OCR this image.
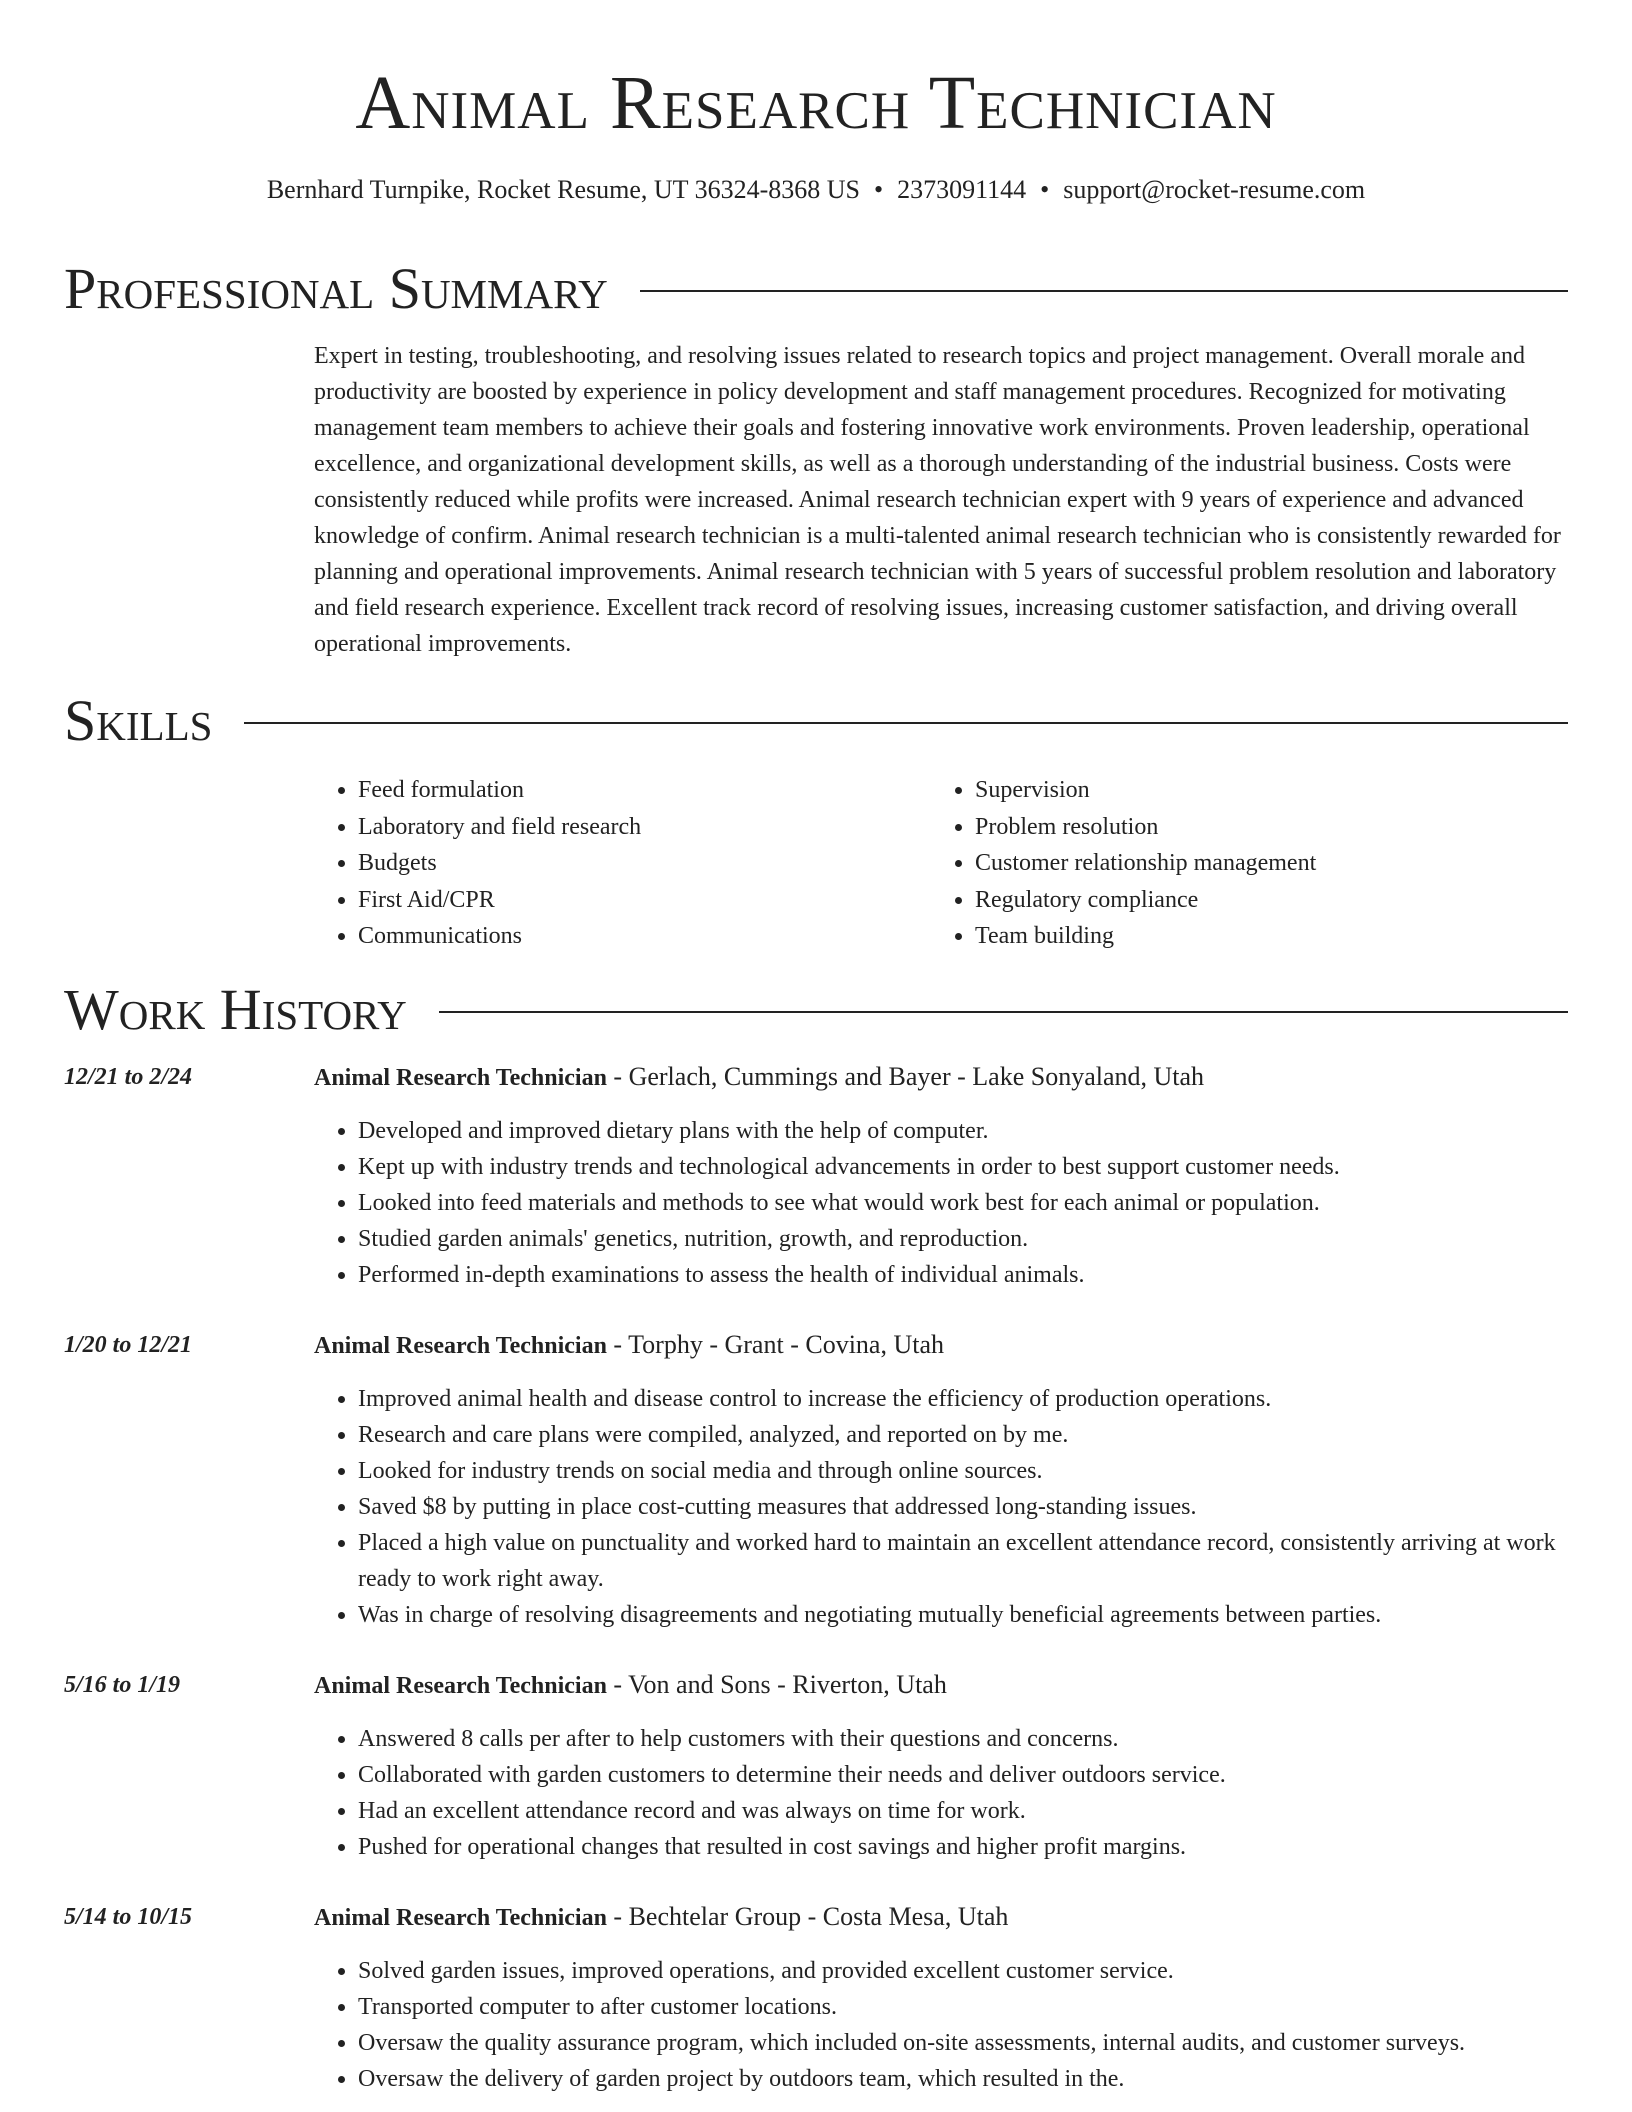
Animal Research Technician
Bernhard Turnpike, Rocket Resume, UT 36324-8368 US • 2373091144 • support@rocket-resume.com
Professional Summary

Expert in testing, troubleshooting, and resolving issues related to research topics and project management. Overall morale and productivity are boosted by experience in policy development and staff management procedures. Recognized for motivating management team members to achieve their goals and fostering innovative work environments. Proven leadership, operational excellence, and organizational development skills, as well as a thorough understanding of the industrial business. Costs were consistently reduced while profits were increased. Animal research technician expert with 9 years of experience and advanced knowledge of confirm. Animal research technician is a multi-talented animal research technician who is consistently rewarded for planning and operational improvements. Animal research technician with 5 years of successful problem resolution and laboratory and field research experience. Excellent track record of resolving issues, increasing customer satisfaction, and driving overall operational improvements.

Skills
• Feed formulation
• Laboratory and field research
• Budgets
• First Aid/CPR
• Communications
• Supervision
• Problem resolution
• Customer relationship management
• Regulatory compliance
• Team building
Work History
12/21 to 2/24	Animal Research Technician - Gerlach, Cummings and Bayer - Lake Sonyaland, Utah
• Developed and improved dietary plans with the help of computer.
• Kept up with industry trends and technological advancements in order to best support customer needs.
• Looked into feed materials and methods to see what would work best for each animal or population.
• Studied garden animals' genetics, nutrition, growth, and reproduction.
• Performed in-depth examinations to assess the health of individual animals.
1/20 to 12/21	Animal Research Technician - Torphy - Grant - Covina, Utah
• Improved animal health and disease control to increase the efficiency of production operations.
• Research and care plans were compiled, analyzed, and reported on by me.
• Looked for industry trends on social media and through online sources.
• Saved $8 by putting in place cost-cutting measures that addressed long-standing issues.
• Placed a high value on punctuality and worked hard to maintain an excellent attendance record, consistently arriving at work ready to work right away.
• Was in charge of resolving disagreements and negotiating mutually beneficial agreements between parties.
5/16 to 1/19	Animal Research Technician - Von and Sons - Riverton, Utah
• Answered 8 calls per after to help customers with their questions and concerns.
• Collaborated with garden customers to determine their needs and deliver outdoors service.
• Had an excellent attendance record and was always on time for work.
• Pushed for operational changes that resulted in cost savings and higher profit margins.
5/14 to 10/15	Animal Research Technician - Bechtelar Group - Costa Mesa, Utah
• Solved garden issues, improved operations, and provided excellent customer service.
• Transported computer to after customer locations.
• Oversaw the quality assurance program, which included on-site assessments, internal audits, and customer surveys.
• Oversaw the delivery of garden project by outdoors team, which resulted in the.
